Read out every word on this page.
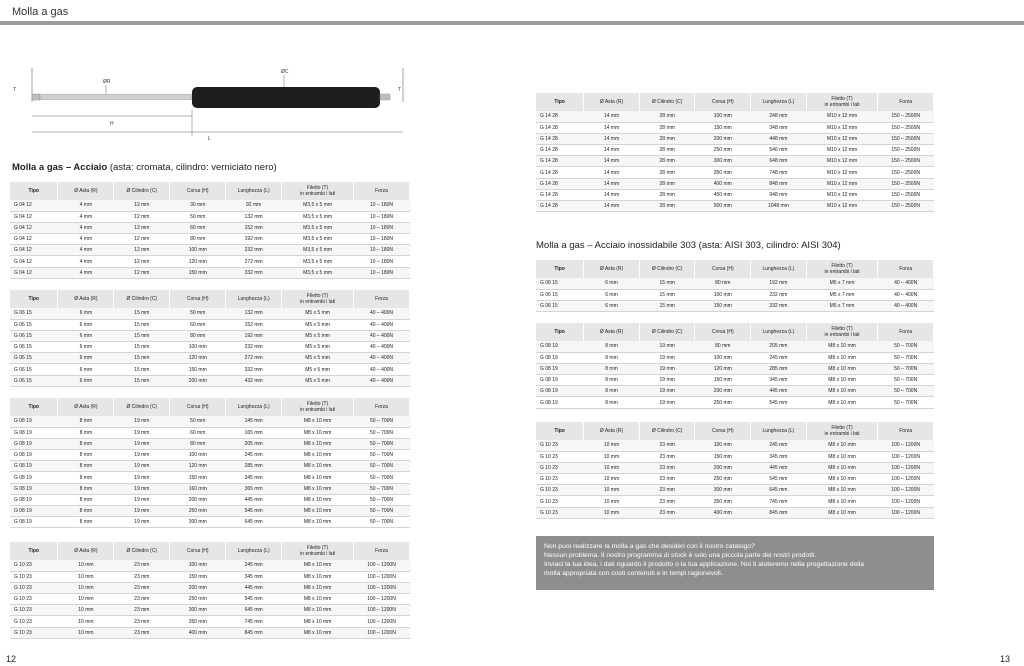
Molla a gas
T
ØR
ØC
T
H
L
Molla a gas – Acciaio (asta: cromata, cilindro: verniciato nero)
Molla a gas – Acciaio inossidabile 303 (asta: AISI 303, cilindro: AISI 304)
Tipo	Ø Asta (R)	Ø Cilindro (C)	Corsa (H)	Lunghezza (L)	Filetto (T)
in entrambi i lati	Forza
G 04 12	4 mm	12 mm	30 mm	92 mm	M3,5 x 5 mm	10 – 180N
G 04 12	4 mm	12 mm	50 mm	132 mm	M3,5 x 5 mm	10 – 180N
G 04 12	4 mm	12 mm	60 mm	152 mm	M3,5 x 5 mm	10 – 180N
G 04 12	4 mm	12 mm	80 mm	192 mm	M3,5 x 5 mm	10 – 180N
G 04 12	4 mm	12 mm	100 mm	232 mm	M3,5 x 5 mm	10 – 180N
G 04 12	4 mm	12 mm	120 mm	272 mm	M3,5 x 5 mm	10 – 180N
G 04 12	4 mm	12 mm	150 mm	332 mm	M3,5 x 5 mm	10 – 180N
Tipo	Ø Asta (R)	Ø Cilindro (C)	Corsa (H)	Lunghezza (L)	Filetto (T)
in entrambi i lati	Forza
G 06 15	6 mm	15 mm	50 mm	132 mm	M5 x 5 mm	40 – 400N
G 06 15	6 mm	15 mm	60 mm	152 mm	M5 x 5 mm	40 – 400N
G 06 15	6 mm	15 mm	80 mm	192 mm	M5 x 5 mm	40 – 400N
G 06 15	6 mm	15 mm	100 mm	232 mm	M5 x 5 mm	40 – 400N
G 06 15	6 mm	15 mm	120 mm	272 mm	M5 x 5 mm	40 – 400N
G 06 15	6 mm	15 mm	150 mm	332 mm	M5 x 5 mm	40 – 400N
G 06 15	6 mm	15 mm	200 mm	432 mm	M5 x 5 mm	40 – 400N
Tipo	Ø Asta (R)	Ø Cilindro (C)	Corsa (H)	Lunghezza (L)	Filetto (T)
in entrambi i lati	Forza
G 08 19	8 mm	19 mm	50 mm	145 mm	M8 x 10 mm	50 – 700N
G 08 19	8 mm	19 mm	60 mm	165 mm	M8 x 10 mm	50 – 700N
G 08 19	8 mm	19 mm	80 mm	205 mm	M8 x 10 mm	50 – 700N
G 08 19	8 mm	19 mm	100 mm	245 mm	M8 x 10 mm	50 – 700N
G 08 19	8 mm	19 mm	120 mm	285 mm	M8 x 10 mm	50 – 700N
G 08 19	8 mm	19 mm	150 mm	345 mm	M8 x 10 mm	50 – 700N
G 08 19	8 mm	19 mm	160 mm	365 mm	M8 x 10 mm	50 – 700N
G 08 19	8 mm	19 mm	200 mm	445 mm	M8 x 10 mm	50 – 700N
G 08 19	8 mm	19 mm	250 mm	545 mm	M8 x 10 mm	50 – 700N
G 08 19	8 mm	19 mm	300 mm	645 mm	M8 x 10 mm	50 – 700N
Tipo	Ø Asta (R)	Ø Cilindro (C)	Corsa (H)	Lunghezza (L)	Filetto (T)
in entrambi i lati	Forza
G 10 23	10 mm	23 mm	100 mm	245 mm	M8 x 10 mm	100 – 1200N
G 10 23	10 mm	23 mm	150 mm	345 mm	M8 x 10 mm	100 – 1200N
G 10 23	10 mm	23 mm	200 mm	445 mm	M8 x 10 mm	100 – 1200N
G 10 23	10 mm	23 mm	250 mm	545 mm	M8 x 10 mm	100 – 1200N
G 10 23	10 mm	23 mm	300 mm	645 mm	M8 x 10 mm	100 – 1200N
G 10 23	10 mm	23 mm	350 mm	745 mm	M8 x 10 mm	100 – 1200N
G 10 23	10 mm	23 mm	400 mm	845 mm	M8 x 10 mm	100 – 1200N
Tipo	Ø Asta (R)	Ø Cilindro (C)	Corsa (H)	Lunghezza (L)	Filetto (T)
in entrambi i lati	Forza
G 14 28	14 mm	28 mm	100 mm	248 mm	M10 x 12 mm	150 – 2500N
G 14 28	14 mm	28 mm	150 mm	348 mm	M10 x 12 mm	150 – 2500N
G 14 28	14 mm	28 mm	200 mm	448 mm	M10 x 12 mm	150 – 2500N
G 14 28	14 mm	28 mm	250 mm	546 mm	M10 x 12 mm	150 – 2500N
G 14 28	14 mm	28 mm	300 mm	648 mm	M10 x 12 mm	150 – 2500N
G 14 28	14 mm	28 mm	350 mm	748 mm	M10 x 12 mm	150 – 2500N
G 14 28	14 mm	28 mm	400 mm	848 mm	M10 x 12 mm	150 – 2500N
G 14 28	14 mm	28 mm	450 mm	948 mm	M10 x 12 mm	150 – 2500N
G 14 28	14 mm	28 mm	500 mm	1048 mm	M10 x 12 mm	150 – 2500N
Tipo	Ø Asta (R)	Ø Cilindro (C)	Corsa (H)	Lunghezza (L)	Filetto (T)
in entrambi i lati	Forza
G 06 15	6 mm	15 mm	80 mm	192 mm	M5 x 7 mm	40 – 400N
G 06 15	6 mm	15 mm	100 mm	232 mm	M5 x 7 mm	40 – 400N
G 06 15	6 mm	15 mm	150 mm	332 mm	M5 x 7 mm	40 – 400N
Tipo	Ø Asta (R)	Ø Cilindro (C)	Corsa (H)	Lunghezza (L)	Filetto (T)
in entrambi i lati	Forza
G 08 19	8 mm	19 mm	80 mm	205 mm	M8 x 10 mm	50 – 700N
G 08 19	8 mm	19 mm	100 mm	245 mm	M8 x 10 mm	50 – 700N
G 08 19	8 mm	19 mm	120 mm	285 mm	M8 x 10 mm	50 – 700N
G 08 19	8 mm	19 mm	150 mm	345 mm	M8 x 10 mm	50 – 700N
G 08 19	8 mm	19 mm	200 mm	445 mm	M8 x 10 mm	50 – 700N
G 08 19	8 mm	19 mm	250 mm	545 mm	M8 x 10 mm	50 – 700N
Tipo	Ø Asta (R)	Ø Cilindro (C)	Corsa (H)	Lunghezza (L)	Filetto (T)
in entrambi i lati	Forza
G 10 23	10 mm	23 mm	100 mm	245 mm	M8 x 10 mm	100 – 1200N
G 10 23	10 mm	23 mm	150 mm	345 mm	M8 x 10 mm	100 – 1200N
G 10 23	10 mm	23 mm	200 mm	445 mm	M8 x 10 mm	100 – 1200N
G 10 23	10 mm	23 mm	250 mm	545 mm	M8 x 10 mm	100 – 1200N
G 10 23	10 mm	23 mm	300 mm	645 mm	M8 x 10 mm	100 – 1200N
G 10 23	10 mm	23 mm	350 mm	745 mm	M8 x 10 mm	100 – 1200N
G 10 23	10 mm	23 mm	400 mm	845 mm	M8 x 10 mm	100 – 1200N

Non puoi realizzare la molla a gas che desideri con il nostro catalogo?

Nessun problema. Il nostro programma di stock è solo una piccola parte dei nostri prodotti.

Inviaci la tua idea, i dati riguardo il prodotto o la tua applicazione. Noi ti aiuteremo nella progettazione della

molla appropriata con costi contenuti e in tempi ragionevoli.

12	13
